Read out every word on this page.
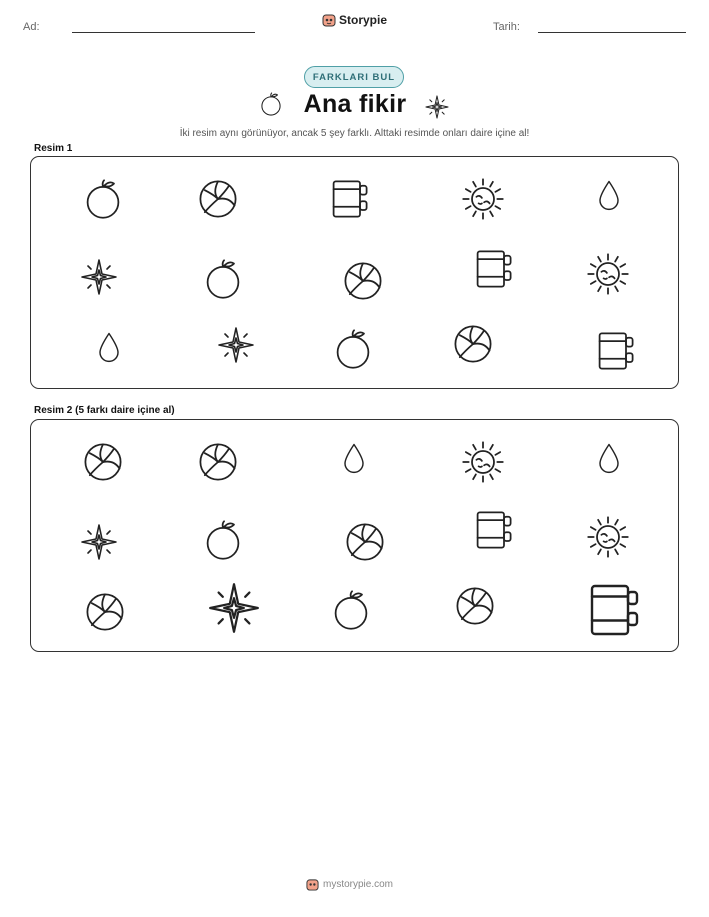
Ad:	Storypie	Tarih:
FARKLARI BUL
Ana fikir
İki resim aynı görünüyor, ancak 5 şey farklı. Alttaki resimde onları daire içine al!
Resim 1
Resim 2 (5 farkı daire içine al)
mystorypie.com
